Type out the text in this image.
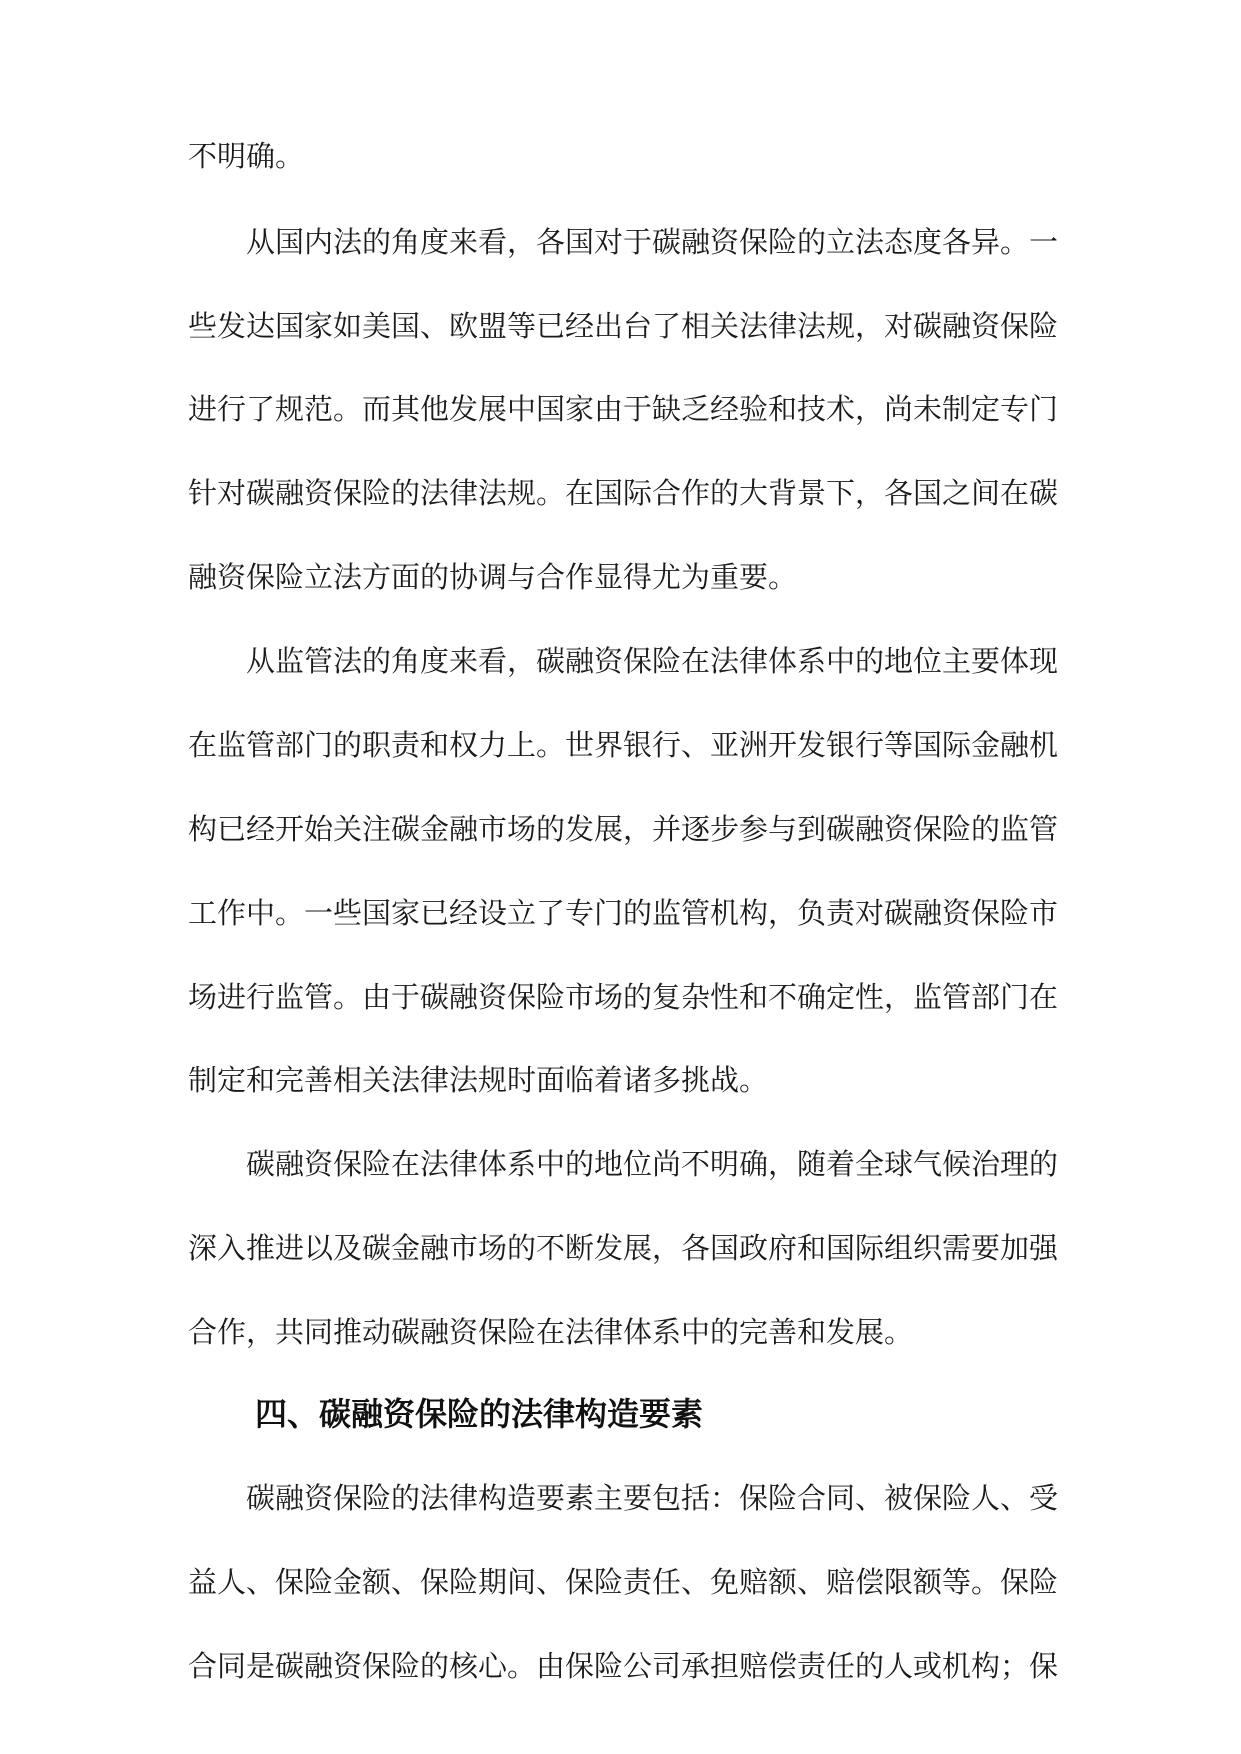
不明确。
从国内法的角度来看，各国对于碳融资保险的立法态度各异。一
些发达国家如美国、欧盟等已经出台了相关法律法规，对碳融资保险
进行了规范。而其他发展中国家由于缺乏经验和技术，尚未制定专门
针对碳融资保险的法律法规。在国际合作的大背景下，各国之间在碳
融资保险立法方面的协调与合作显得尤为重要。
从监管法的角度来看，碳融资保险在法律体系中的地位主要体现
在监管部门的职责和权力上。世界银行、亚洲开发银行等国际金融机
构已经开始关注碳金融市场的发展，并逐步参与到碳融资保险的监管
工作中。一些国家已经设立了专门的监管机构，负责对碳融资保险市
场进行监管。由于碳融资保险市场的复杂性和不确定性，监管部门在
制定和完善相关法律法规时面临着诸多挑战。
碳融资保险在法律体系中的地位尚不明确，随着全球气候治理的
深入推进以及碳金融市场的不断发展，各国政府和国际组织需要加强
合作，共同推动碳融资保险在法律体系中的完善和发展。
四、碳融资保险的法律构造要素
碳融资保险的法律构造要素主要包括：保险合同、被保险人、受
益人、保险金额、保险期间、保险责任、免赔额、赔偿限额等。保险
合同是碳融资保险的核心。由保险公司承担赔偿责任的人或机构；保
